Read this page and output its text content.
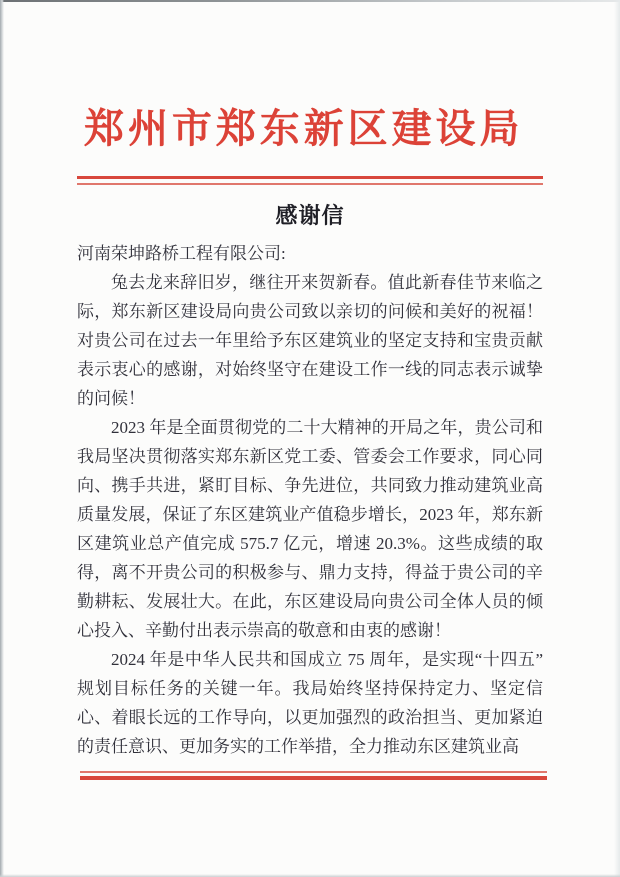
郑州市郑东新区建设局
感谢信
河南荣坤路桥工程有限公司:

兔去龙来辞旧岁，继往开来贺新春。值此新春佳节来临之际，郑东新区建设局向贵公司致以亲切的问候和美好的祝福！对贵公司在过去一年里给予东区建筑业的坚定支持和宝贵贡献表示衷心的感谢，对始终坚守在建设工作一线的同志表示诚挚的问候！

2023 年是全面贯彻党的二十大精神的开局之年，贵公司和我局坚决贯彻落实郑东新区党工委、管委会工作要求，同心同向、携手共进，紧盯目标、争先进位，共同致力推动建筑业高质量发展，保证了东区建筑业产值稳步增长，2023 年，郑东新区建筑业总产值完成 575.7 亿元，增速 20.3%。这些成绩的取得，离不开贵公司的积极参与、鼎力支持，得益于贵公司的辛勤耕耘、发展壮大。在此，东区建设局向贵公司全体人员的倾心投入、辛勤付出表示崇高的敬意和由衷的感谢！

2024 年是中华人民共和国成立 75 周年，是实现“十四五”规划目标任务的关键一年。我局始终坚持保持定力、坚定信心、着眼长远的工作导向，以更加强烈的政治担当、更加紧迫的责任意识、更加务实的工作举措，全力推动东区建筑业高
